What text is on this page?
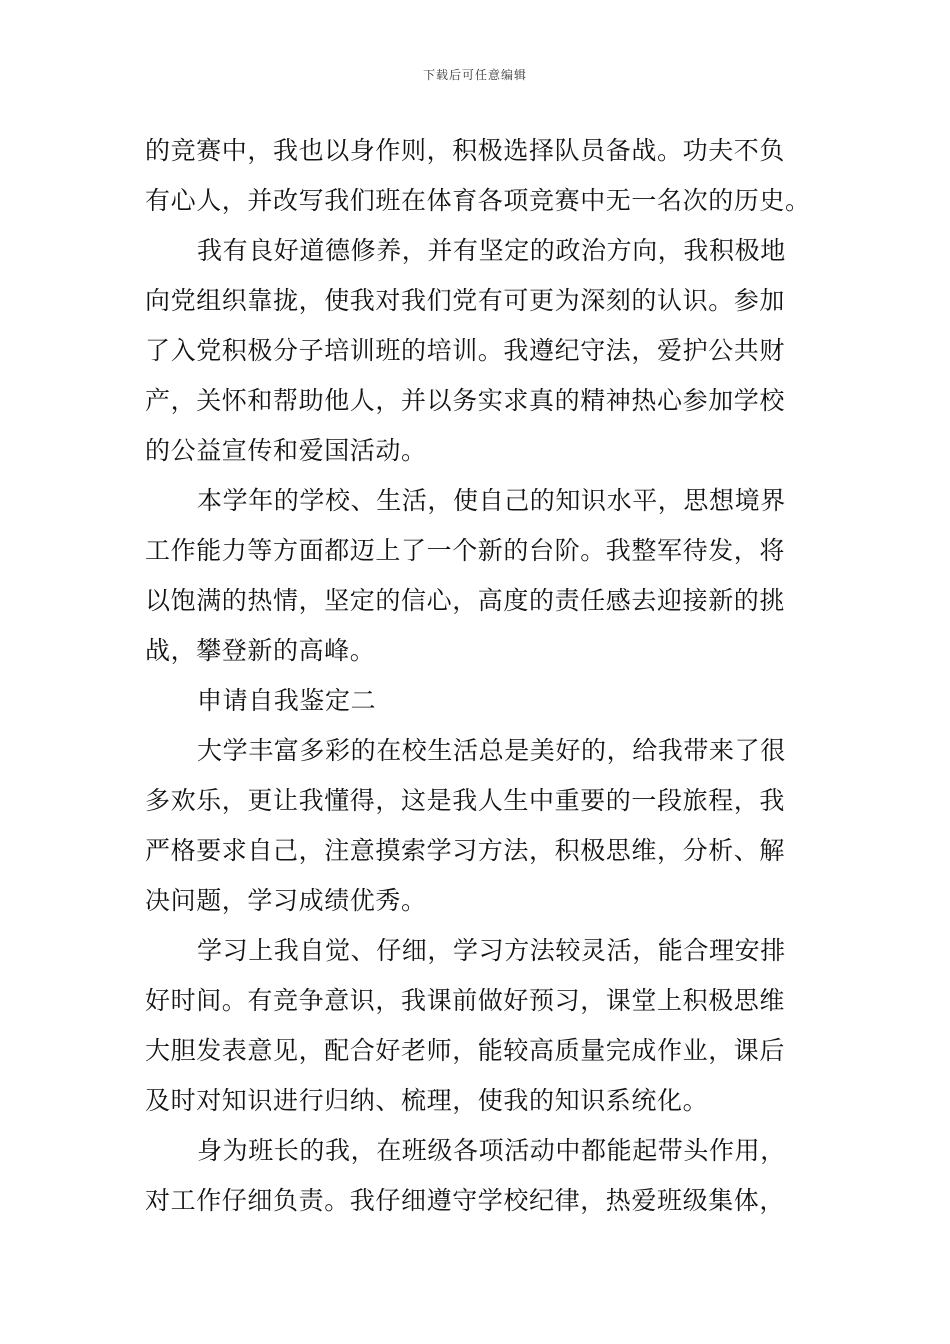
下载后可任意编辑
的竞赛中，我也以身作则，积极选择队员备战。功夫不负
有心人，并改写我们班在体育各项竞赛中无一名次的历史。
我有良好道德修养，并有坚定的政治方向，我积极地
向党组织靠拢，使我对我们党有可更为深刻的认识。参加
了入党积极分子培训班的培训。我遵纪守法，爱护公共财
产，关怀和帮助他人，并以务实求真的精神热心参加学校
的公益宣传和爱国活动。
本学年的学校、生活，使自己的知识水平，思想境界
工作能力等方面都迈上了一个新的台阶。我整军待发，将
以饱满的热情，坚定的信心，高度的责任感去迎接新的挑
战，攀登新的高峰。
申请自我鉴定二
大学丰富多彩的在校生活总是美好的，给我带来了很
多欢乐，更让我懂得，这是我人生中重要的一段旅程，我
严格要求自己，注意摸索学习方法，积极思维，分析、解
决问题，学习成绩优秀。
学习上我自觉、仔细，学习方法较灵活，能合理安排
好时间。有竞争意识，我课前做好预习，课堂上积极思维
大胆发表意见，配合好老师，能较高质量完成作业，课后
及时对知识进行归纳、梳理，使我的知识系统化。
身为班长的我，在班级各项活动中都能起带头作用，
对工作仔细负责。我仔细遵守学校纪律，热爱班级集体，
